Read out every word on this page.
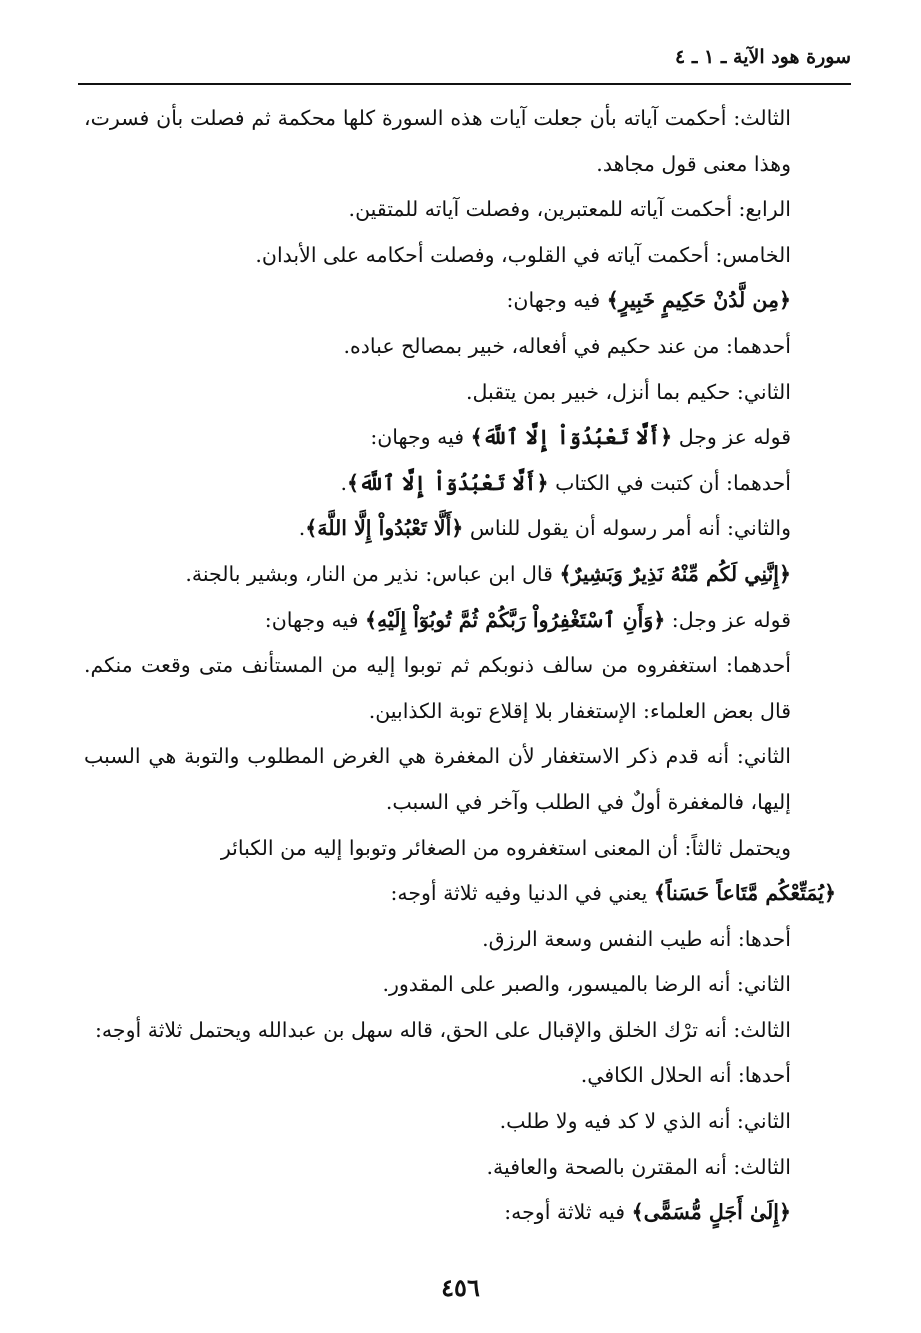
سورة هود الآية ـ ١ ـ ٤

الثالث: أحكمت آياته بأن جعلت آيات هذه السورة كلها محكمة ثم فصلت بأن فسرت، وهذا معنى قول مجاهد.

الرابع: أحكمت آياته للمعتبرين، وفصلت آياته للمتقين.

الخامس: أحكمت آياته في القلوب، وفصلت أحكامه على الأبدان.

﴿مِن لَّدُنْ حَكِيمٍ خَبِيرٍ﴾ فيه وجهان:

أحدهما: من عند حكيم في أفعاله، خبير بمصالح عباده.

الثاني: حكيم بما أنزل، خبير بمن يتقبل.

قوله عز وجل ﴿أَلَّا تَعْبُدُوٓاْ إِلَّا ٱللَّهَ﴾ فيه وجهان:

أحدهما: أن كتبت في الكتاب ﴿أَلَّا تَعْبُدُوٓاْ إِلَّا ٱللَّهَ﴾.

والثاني: أنه أمر رسوله أن يقول للناس ﴿أَلَّا تَعْبُدُواْ إِلَّا اللَّهَ﴾.

﴿إِنَّنِي لَكُم مِّنْهُ نَذِيرٌ وَبَشِيرٌ﴾ قال ابن عباس: نذير من النار، وبشير بالجنة.

قوله عز وجل: ﴿وَأَنِ ٱسْتَغْفِرُواْ رَبَّكُمْ ثُمَّ تُوبُوٓاْ إِلَيْهِ﴾ فيه وجهان:

أحدهما: استغفروه من سالف ذنوبكم ثم توبوا إليه من المستأنف متى وقعت منكم. قال بعض العلماء: الإستغفار بلا إقلاع توبة الكذابين.

الثاني: أنه قدم ذكر الاستغفار لأن المغفرة هي الغرض المطلوب والتوبة هي السبب إليها، فالمغفرة أولٌ في الطلب وآخر في السبب.

ويحتمل ثالثاً: أن المعنى استغفروه من الصغائر وتوبوا إليه من الكبائر

﴿يُمَتِّعْكُم مَّتَاعاً حَسَناً﴾ يعني في الدنيا وفيه ثلاثة أوجه:

أحدها: أنه طيب النفس وسعة الرزق.

الثاني: أنه الرضا بالميسور، والصبر على المقدور.

الثالث: أنه ترْك الخلق والإقبال على الحق، قاله سهل بن عبدالله ويحتمل ثلاثة أوجه:

أحدها: أنه الحلال الكافي.

الثاني: أنه الذي لا كد فيه ولا طلب.

الثالث: أنه المقترن بالصحة والعافية.

﴿إِلَىٰ أَجَلٍ مُّسَمًّى﴾ فيه ثلاثة أوجه:

٤٥٦
